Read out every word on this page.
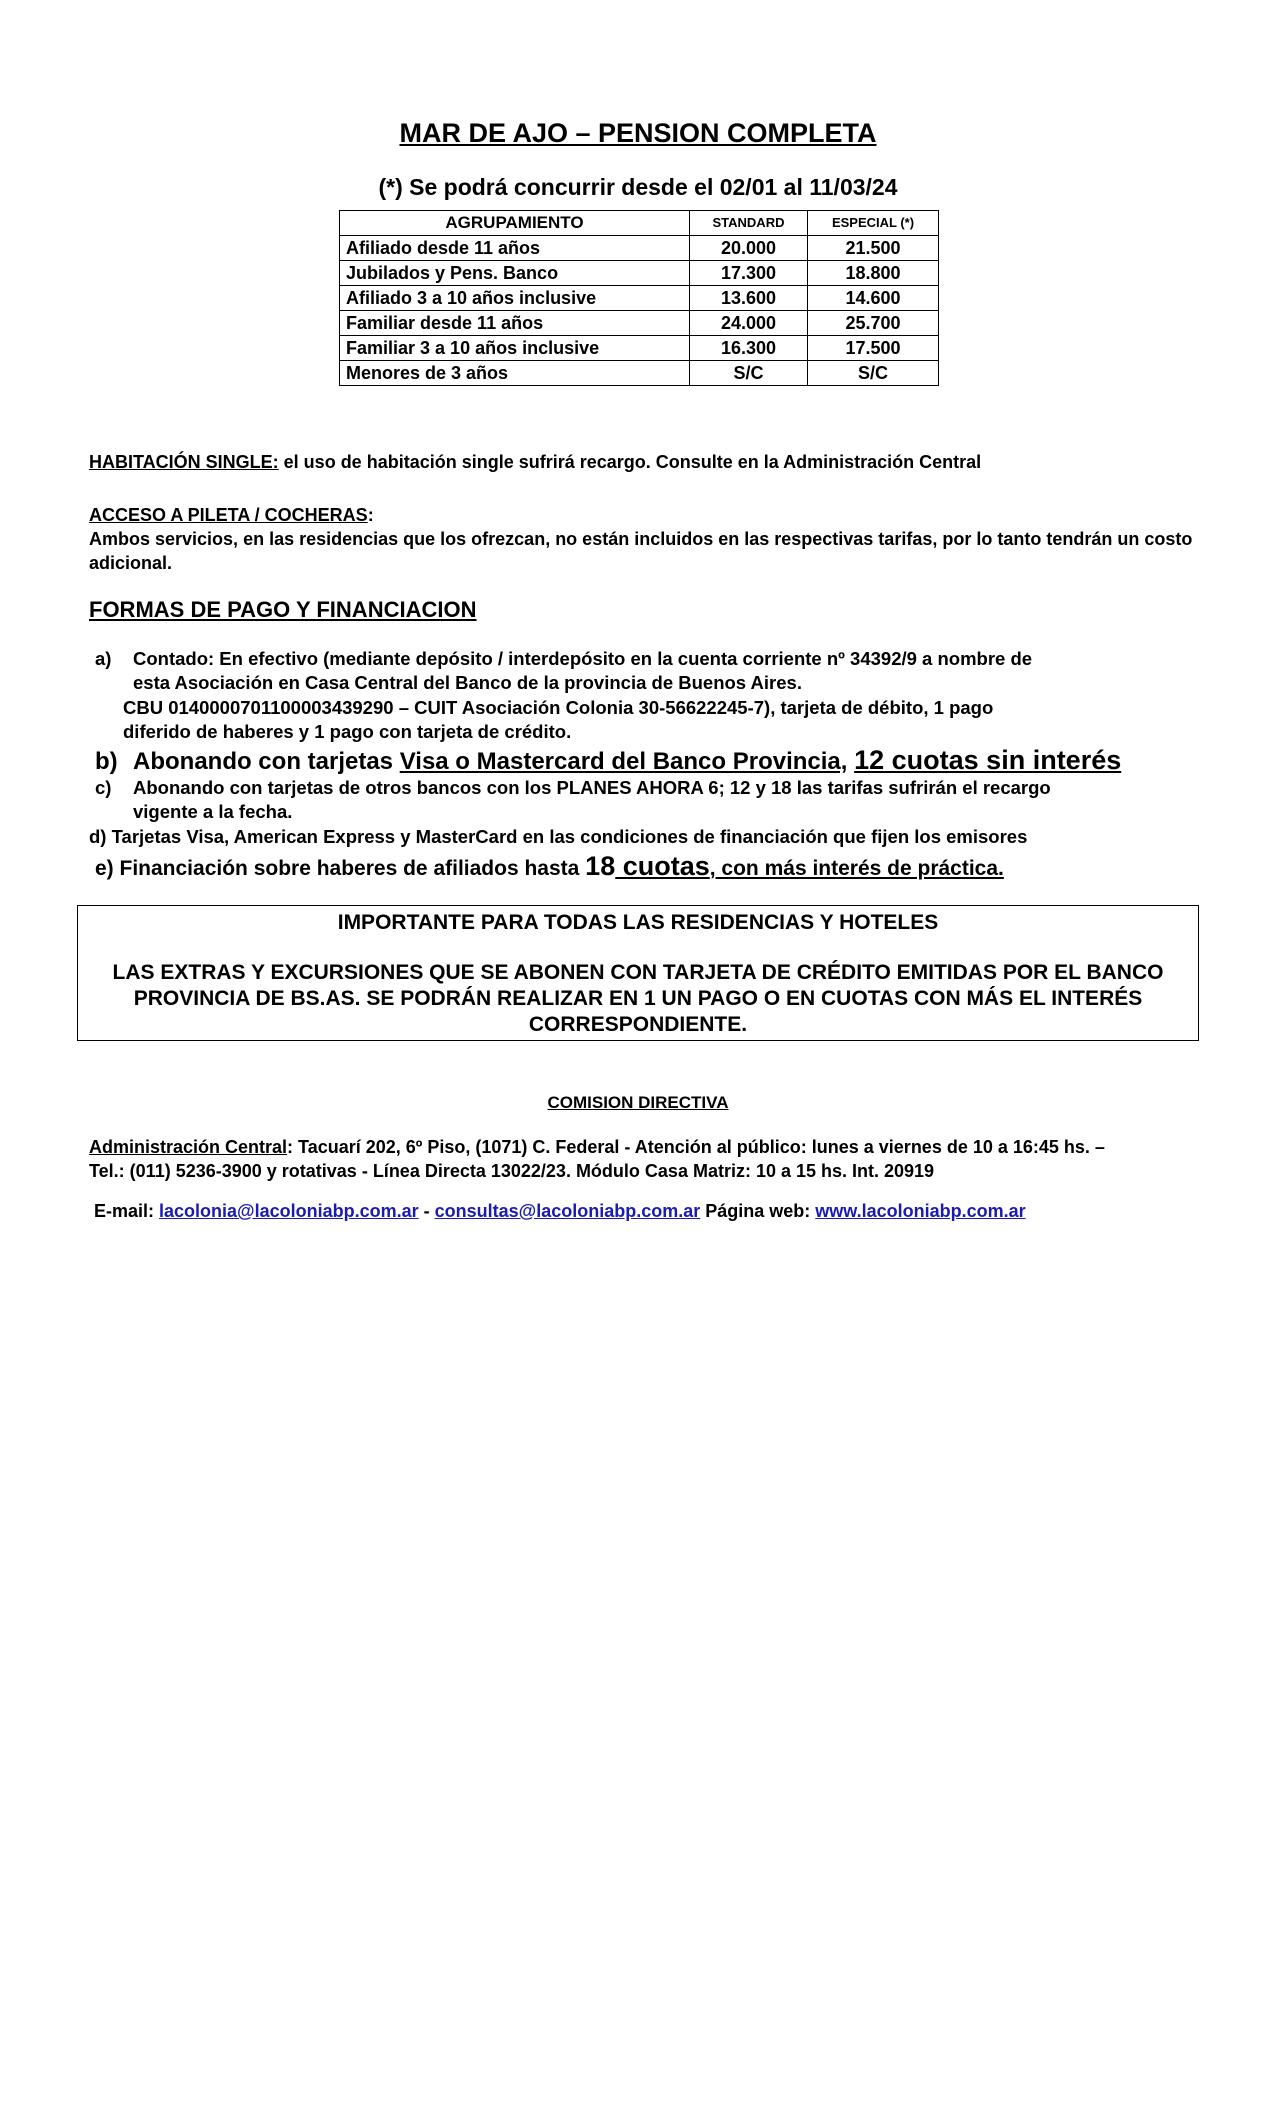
MAR DE AJO – PENSION COMPLETA
(*) Se podrá concurrir desde el 02/01 al 11/03/24
AGRUPAMIENTO	STANDARD	ESPECIAL (*)
Afiliado desde 11 años	20.000	21.500
Jubilados y Pens. Banco	17.300	18.800
Afiliado 3 a 10 años inclusive	13.600	14.600
Familiar desde 11 años	24.000	25.700
Familiar 3 a 10 años inclusive	16.300	17.500
Menores de 3 años	S/C	S/C
HABITACIÓN SINGLE: el uso de habitación single sufrirá recargo. Consulte en la Administración Central
ACCESO A PILETA / COCHERAS:
Ambos servicios, en las residencias que los ofrezcan, no están incluidos en las respectivas tarifas, por lo tanto tendrán un costo adicional.
FORMAS DE PAGO Y FINANCIACION
a) Contado: En efectivo (mediante depósito / interdepósito en la cuenta corriente nº 34392/9 a nombre de
esta Asociación en Casa Central del Banco de la provincia de Buenos Aires.
CBU 0140000701100003439290 – CUIT Asociación Colonia 30-56622245-7), tarjeta de débito, 1 pago
diferido de haberes y 1 pago con tarjeta de crédito.
b) Abonando con tarjetas Visa o Mastercard del Banco Provincia, 12 cuotas sin interés
c) Abonando con tarjetas de otros bancos con los PLANES AHORA 6; 12 y 18 las tarifas sufrirán el recargo
vigente a la fecha.
d) Tarjetas Visa, American Express y MasterCard en las condiciones de financiación que fijen los emisores
e) Financiación sobre haberes de afiliados hasta 18 cuotas, con más interés de práctica.
IMPORTANTE PARA TODAS LAS RESIDENCIAS Y HOTELES
LAS EXTRAS Y EXCURSIONES QUE SE ABONEN CON TARJETA DE CRÉDITO EMITIDAS POR EL BANCO PROVINCIA DE BS.AS. SE PODRÁN REALIZAR EN 1 UN PAGO O EN CUOTAS CON MÁS EL INTERÉS CORRESPONDIENTE.
COMISION DIRECTIVA
Administración Central: Tacuarí 202, 6º Piso, (1071) C. Federal - Atención al público: lunes a viernes de 10 a 16:45 hs. –
Tel.: (011) 5236-3900 y rotativas - Línea Directa 13022/23. Módulo Casa Matriz: 10 a 15 hs. Int. 20919
E-mail: lacolonia@lacoloniabp.com.ar - consultas@lacoloniabp.com.ar Página web: www.lacoloniabp.com.ar
